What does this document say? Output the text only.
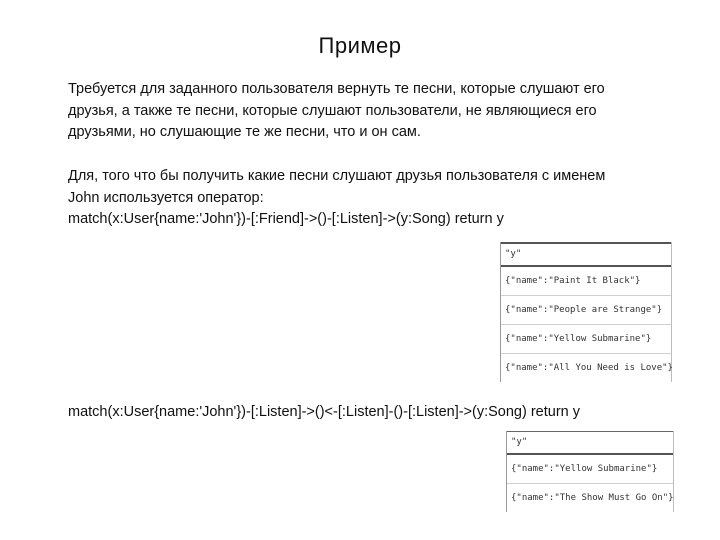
Пример
Требуется для заданного пользователя вернуть те песни, которые слушают его
друзья, а также те песни, которые слушают пользователи, не являющиеся его
друзьями, но слушающие те же песни, что и он сам.
Для, того что бы получить какие песни слушают друзья пользователя с именем
John используется оператор:
match(x:User{name:'John'})-[:Friend]->()-[:Listen]->(y:Song) return y
"y"
{"name":"Paint It Black"}
{"name":"People are Strange"}
{"name":"Yellow Submarine"}
{"name":"All You Need is Love"}
match(x:User{name:'John'})-[:Listen]->()<-[:Listen]-()-[:Listen]->(y:Song) return y
"y"
{"name":"Yellow Submarine"}
{"name":"The Show Must Go On"}
